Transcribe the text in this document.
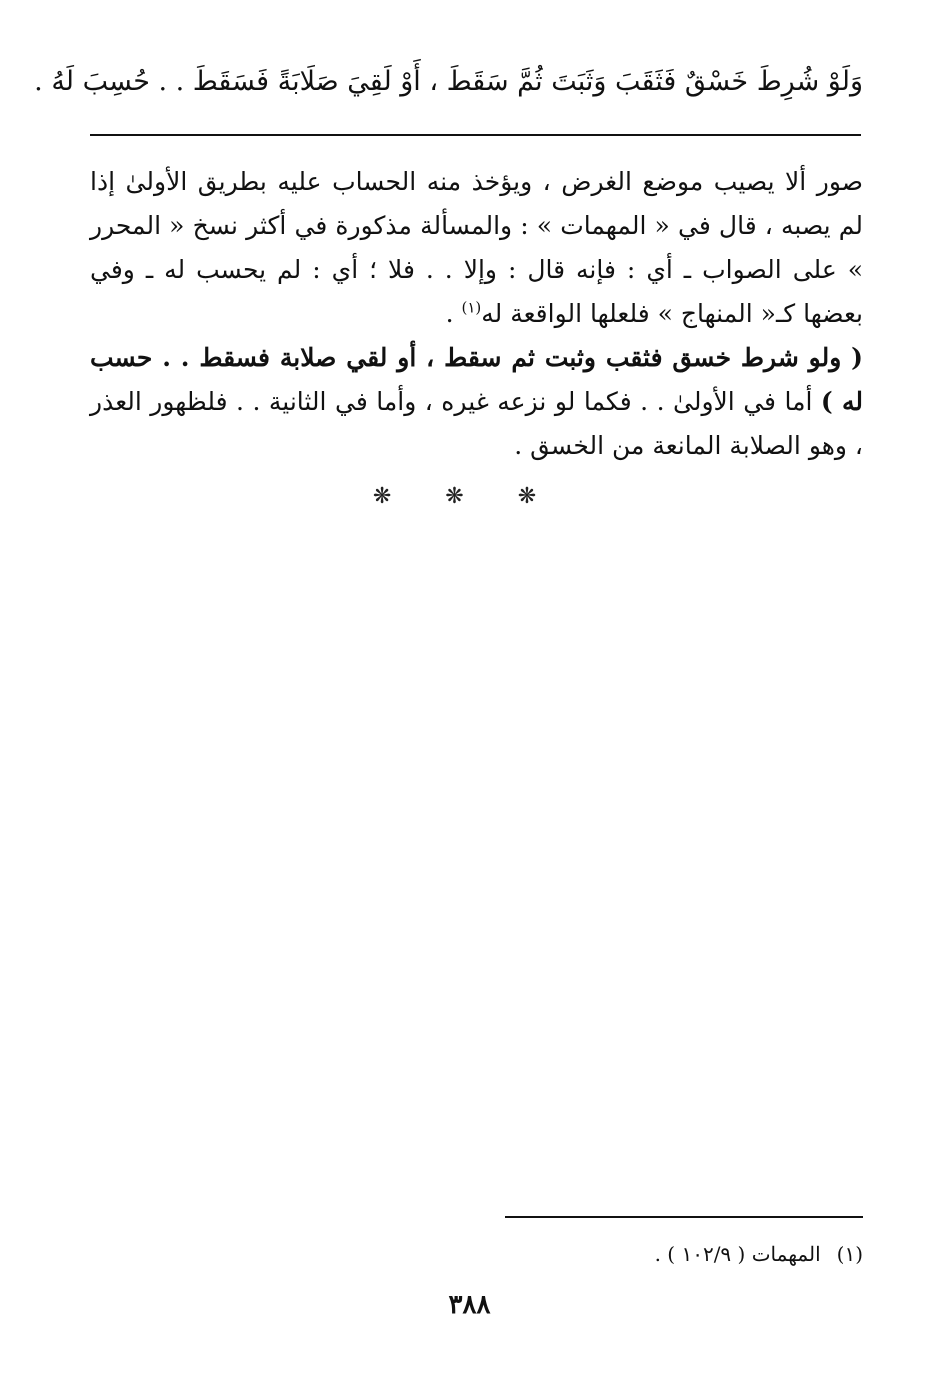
وَلَوْ شُرِطَ خَسْقٌ فَثَقَبَ وَثَبَتَ ثُمَّ سَقَطَ ، أَوْ لَقِيَ صَلَابَةً فَسَقَطَ . . حُسِبَ لَهُ .

صور ألا يصيب موضع الغرض ، ويؤخذ منه الحساب عليه بطريق الأولىٰ إذا لم يصبه ، قال في « المهمات » : والمسألة مذكورة في أكثر نسخ « المحرر » على الصواب ـ أي : فإنه قال : وإلا . . فلا ؛ أي : لم يحسب له ـ وفي بعضها كـ« المنهاج » فلعلها الواقعة له$^{(١)}$ .

( ولو شرط خسق فثقب وثبت ثم سقط ، أو لقي صلابة فسقط . . حسب له ) أما في الأولىٰ . . فكما لو نزعه غيره ، وأما في الثانية . . فلظهور العذر ، وهو الصلابة المانعة من الخسق .

❋ ❋ ❋
(١)المهمات ( ١٠٢/٩ ) .
٣٨٨
